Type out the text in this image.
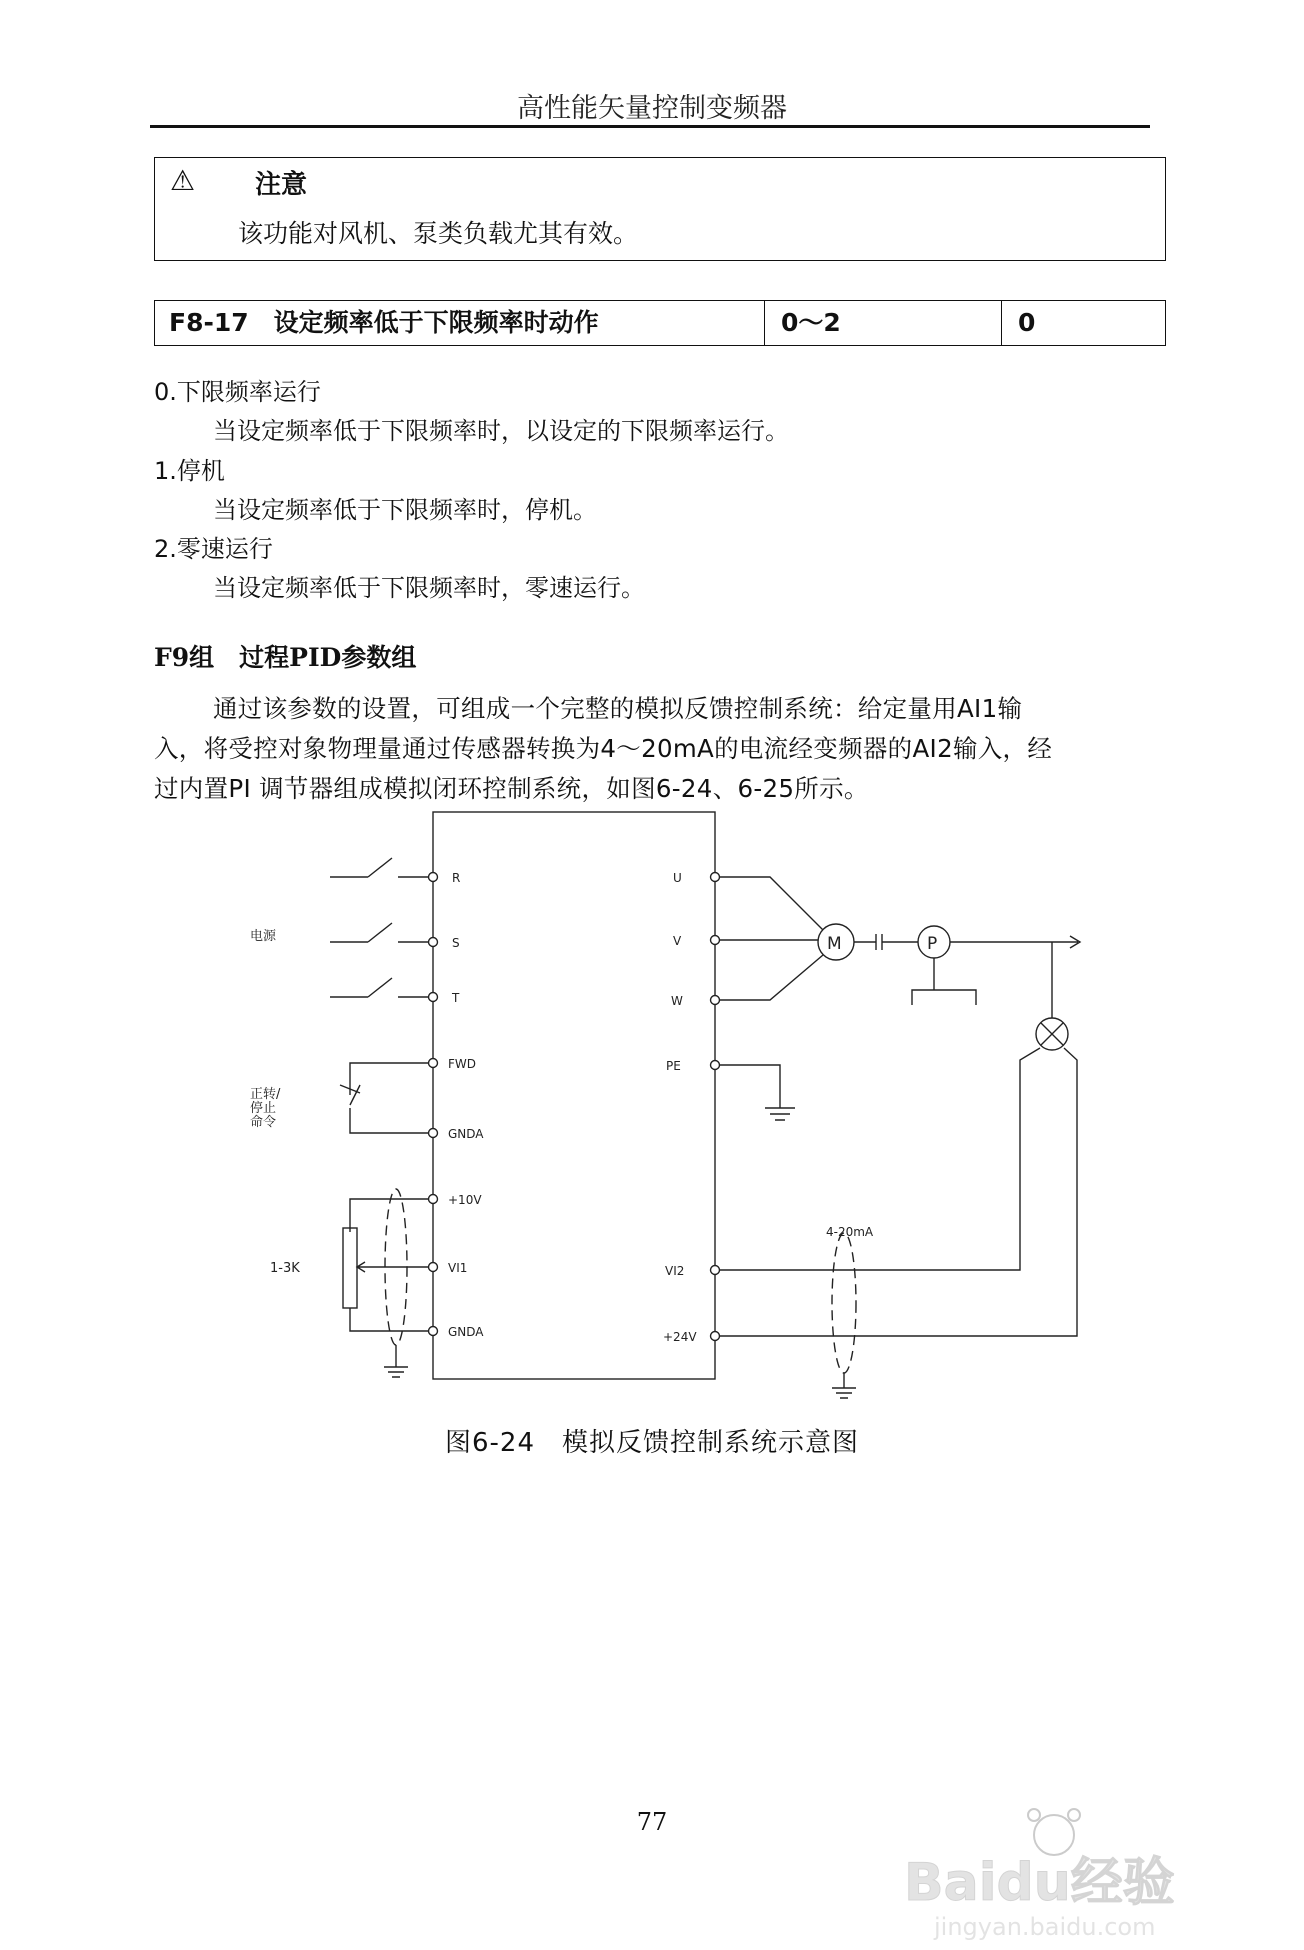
高性能矢量控制变频器
⚠ 注意
该功能对风机、泵类负载尤其有效。
F8-17　设定频率低于下限频率时动作	0～2	0
0.下限频率运行
当设定频率低于下限频率时，以设定的下限频率运行。
1.停机
当设定频率低于下限频率时，停机。
2.零速运行
当设定频率低于下限频率时，零速运行。
F9组　过程PID参数组
通过该参数的设置，可组成一个完整的模拟反馈控制系统：给定量用AI1输
入，将受控对象物理量通过传感器转换为4～20mA的电流经变频器的AI2输入，经
过内置PI 调节器组成模拟闭环控制系统，如图6-24、6-25所示。
R
S
T
FWD
GNDA
+10V
VI1
GNDA
U
V
W
PE
VI2
+24V
电源
正转/
停止
命令
1-3K
4-20mA
M	P
图6-24　模拟反馈控制系统示意图
77
Baidu经验
jingyan.baidu.com
